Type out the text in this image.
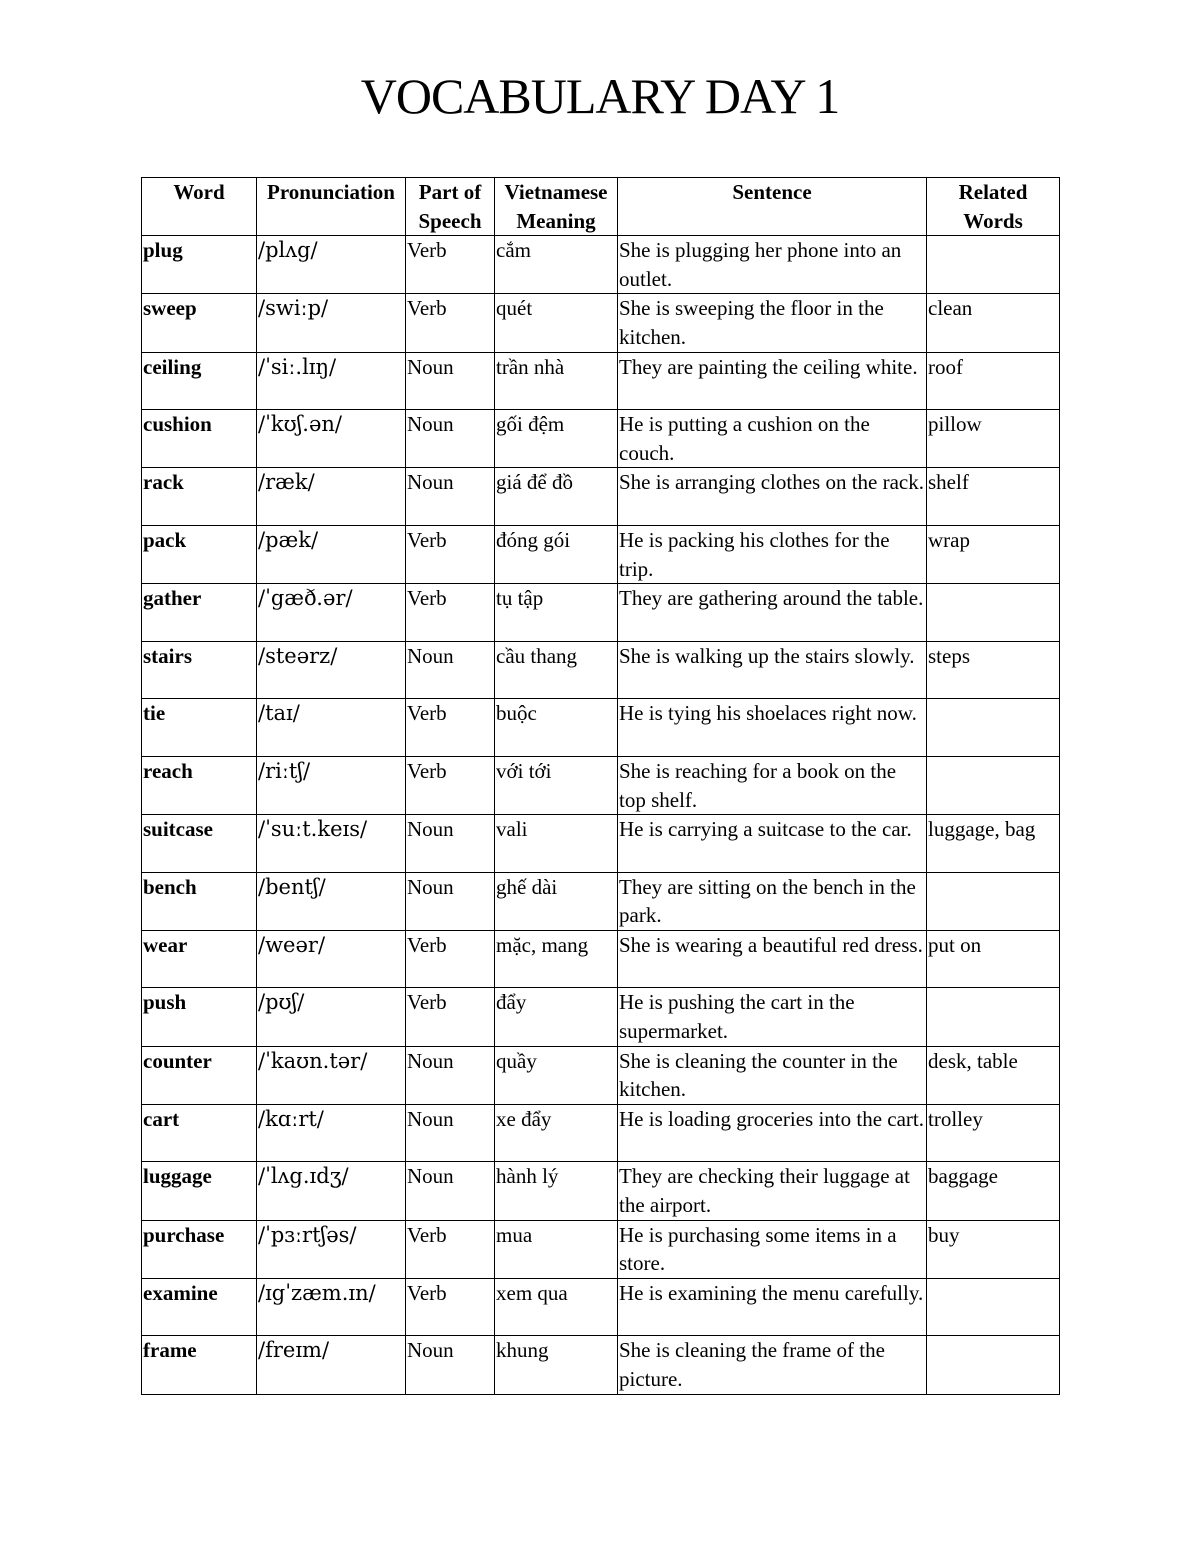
VOCABULARY DAY 1
Word	Pronunciation	Part of Speech	Vietnamese Meaning	Sentence	Related Words
plug	/plʌg/	Verb	cắm	She is plugging her phone into an outlet.	
sweep	/swiːp/	Verb	quét	She is sweeping the floor in the kitchen.	clean
ceiling	/ˈsiː.lɪŋ/	Noun	trần nhà	They are painting the ceiling white.	roof
cushion	/ˈkʊʃ.ən/	Noun	gối đệm	He is putting a cushion on the couch.	pillow
rack	/ræk/	Noun	giá để đồ	She is arranging clothes on the rack.	shelf
pack	/pæk/	Verb	đóng gói	He is packing his clothes for the trip.	wrap
gather	/ˈgæð.ər/	Verb	tụ tập	They are gathering around the table.	
stairs	/steərz/	Noun	cầu thang	She is walking up the stairs slowly.	steps
tie	/taɪ/	Verb	buộc	He is tying his shoelaces right now.	
reach	/riːtʃ/	Verb	với tới	She is reaching for a book on the top shelf.	
suitcase	/ˈsuːt.keɪs/	Noun	vali	He is carrying a suitcase to the car.	luggage, bag
bench	/bentʃ/	Noun	ghế dài	They are sitting on the bench in the park.	
wear	/weər/	Verb	mặc, mang	She is wearing a beautiful red dress.	put on
push	/pʊʃ/	Verb	đẩy	He is pushing the cart in the supermarket.	
counter	/ˈkaʊn.tər/	Noun	quầy	She is cleaning the counter in the kitchen.	desk, table
cart	/kɑːrt/	Noun	xe đẩy	He is loading groceries into the cart.	trolley
luggage	/ˈlʌg.ɪdʒ/	Noun	hành lý	They are checking their luggage at the airport.	baggage
purchase	/ˈpɜːrtʃəs/	Verb	mua	He is purchasing some items in a store.	buy
examine	/ɪgˈzæm.ɪn/	Verb	xem qua	He is examining the menu carefully.	
frame	/freɪm/	Noun	khung	She is cleaning the frame of the picture.	
